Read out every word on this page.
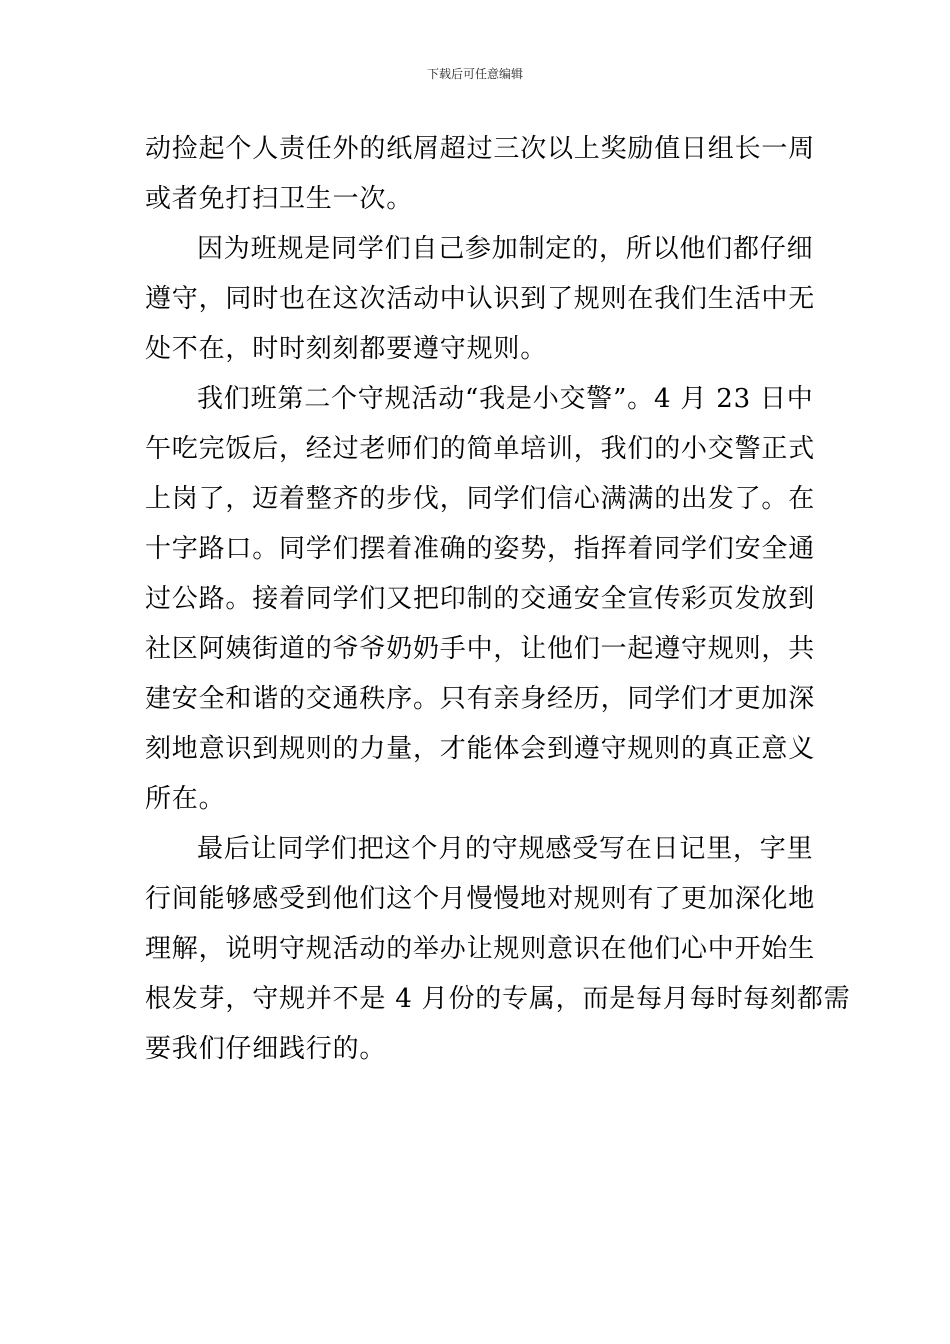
下载后可任意编辑
动捡起个人责任外的纸屑超过三次以上奖励值日组长一周
或者免打扫卫生一次。
因为班规是同学们自己参加制定的，所以他们都仔细
遵守，同时也在这次活动中认识到了规则在我们生活中无
处不在，时时刻刻都要遵守规则。
我们班第二个守规活动“我是小交警”。4 月 23 日中
午吃完饭后，经过老师们的简单培训，我们的小交警正式
上岗了，迈着整齐的步伐，同学们信心满满的出发了。在
十字路口。同学们摆着准确的姿势，指挥着同学们安全通
过公路。接着同学们又把印制的交通安全宣传彩页发放到
社区阿姨街道的爷爷奶奶手中，让他们一起遵守规则，共
建安全和谐的交通秩序。只有亲身经历，同学们才更加深
刻地意识到规则的力量，才能体会到遵守规则的真正意义
所在。
最后让同学们把这个月的守规感受写在日记里，字里
行间能够感受到他们这个月慢慢地对规则有了更加深化地
理解，说明守规活动的举办让规则意识在他们心中开始生
根发芽，守规并不是 4 月份的专属，而是每月每时每刻都需
要我们仔细践行的。
